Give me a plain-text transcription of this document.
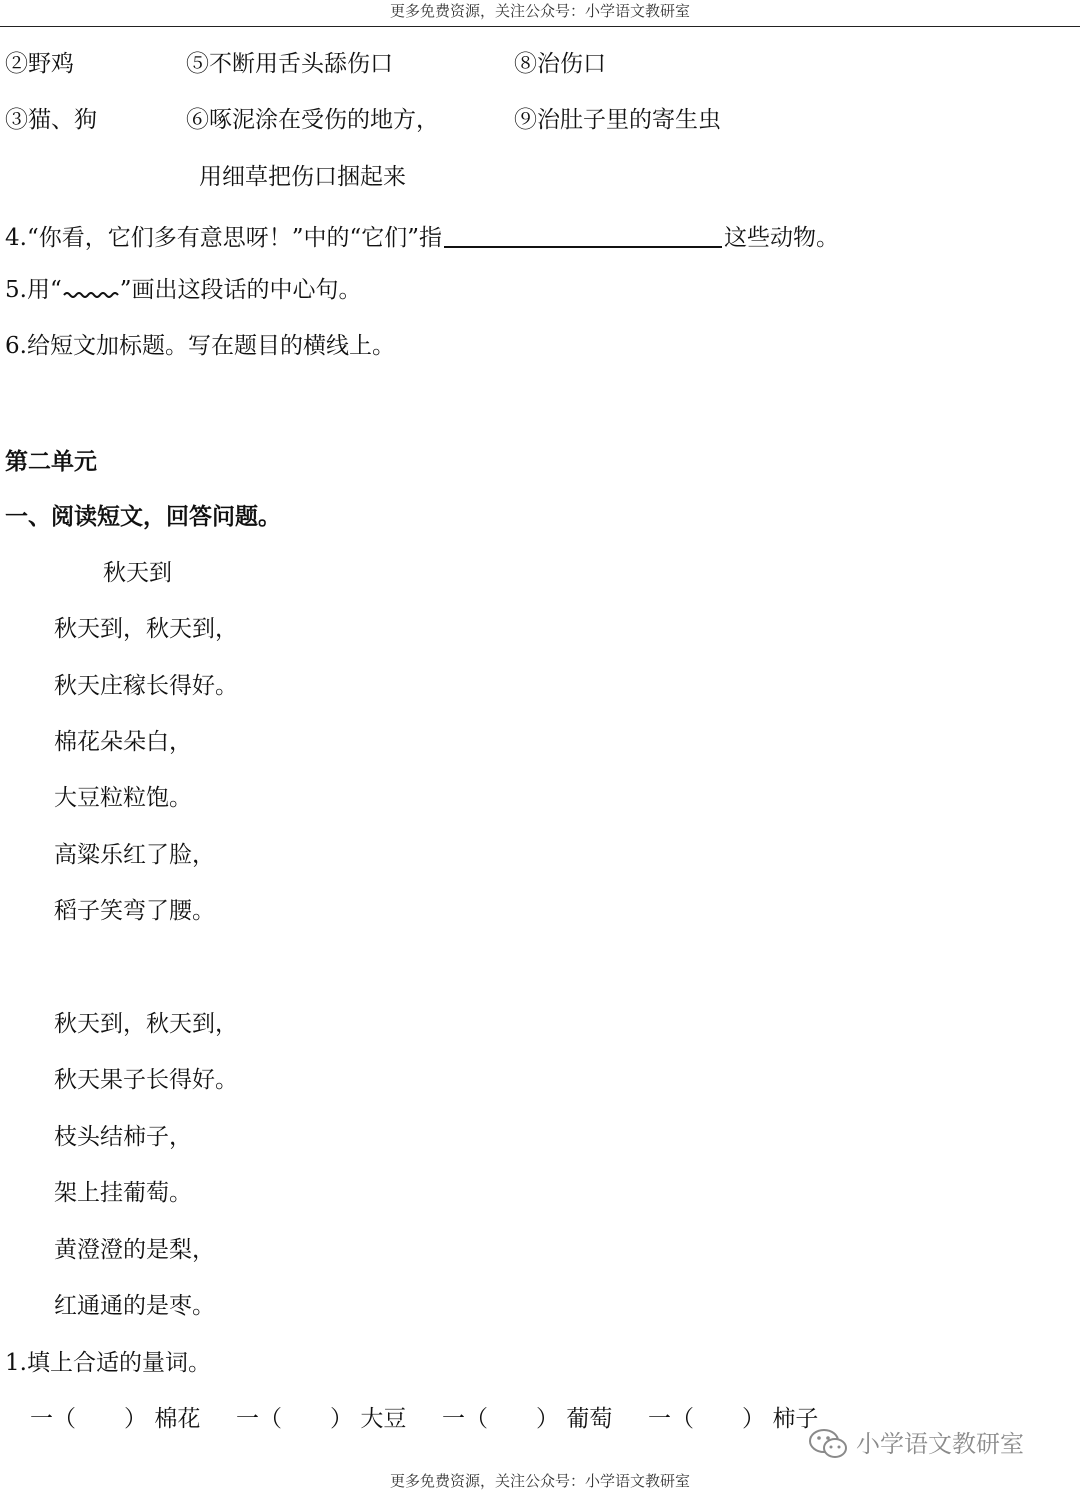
更多免费资源，关注公众号：小学语文教研室
②野鸡	⑤不断用舌头舔伤口	⑧治伤口
③猫、狗	⑥啄泥涂在受伤的地方，	⑨治肚子里的寄生虫
用细草把伤口捆起来
4.“你看，它们多有意思呀！”中的“它们”指	这些动物。
5.用“	”画出这段话的中心句。
6.给短文加标题。写在题目的横线上。
第二单元
一、阅读短文，回答问题。
秋天到
秋天到，秋天到，
秋天庄稼长得好。
棉花朵朵白，
大豆粒粒饱。
高粱乐红了脸，
稻子笑弯了腰。
秋天到，秋天到，
秋天果子长得好。
枝头结柿子，
架上挂葡萄。
黄澄澄的是梨，
红通通的是枣。
1.填上合适的量词。
一（ ） 棉花 一（ ） 大豆 一（ ） 葡萄 一（ ） 柿子
小学语文教研室
更多免费资源，关注公众号：小学语文教研室
